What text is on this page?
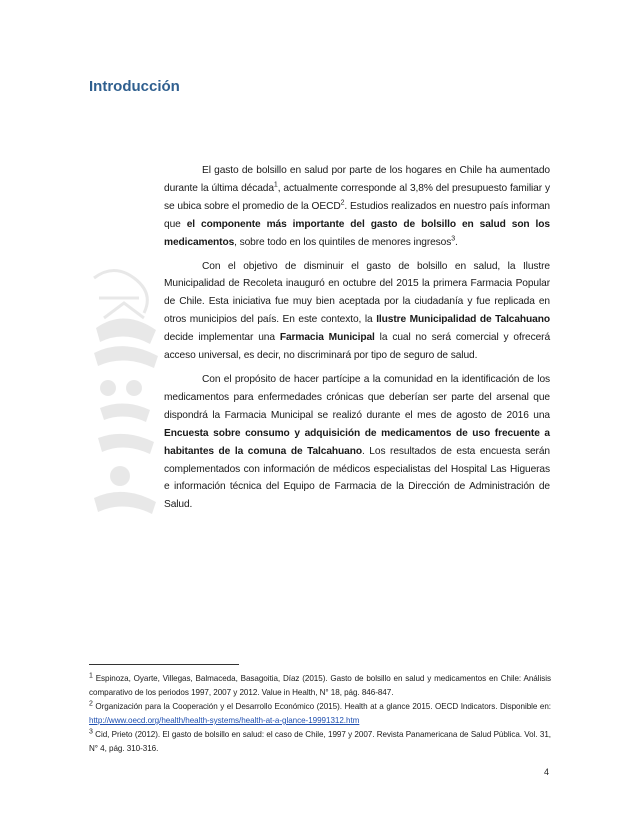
Introducción

El gasto de bolsillo en salud por parte de los hogares en Chile ha aumentado durante la última década$^1$, actualmente corresponde al 3,8% del presupuesto familiar y se ubica sobre el promedio de la OECD$^2$. Estudios realizados en nuestro país informan que el componente más importante del gasto de bolsillo en salud son los medicamentos, sobre todo en los quintiles de menores ingresos$^3$.

Con el objetivo de disminuir el gasto de bolsillo en salud, la Ilustre Municipalidad de Recoleta inauguró en octubre del 2015 la primera Farmacia Popular de Chile. Esta iniciativa fue muy bien aceptada por la ciudadanía y fue replicada en otros municipios del país. En este contexto, la Ilustre Municipalidad de Talcahuano decide implementar una Farmacia Municipal la cual no será comercial y ofrecerá acceso universal, es decir, no discriminará por tipo de seguro de salud.

Con el propósito de hacer partícipe a la comunidad en la identificación de los medicamentos para enfermedades crónicas que deberían ser parte del arsenal que dispondrá la Farmacia Municipal se realizó durante el mes de agosto de 2016 una Encuesta sobre consumo y adquisición de medicamentos de uso frecuente a habitantes de la comuna de Talcahuano. Los resultados de esta encuesta serán complementados con información de médicos especialistas del Hospital Las Higueras e información técnica del Equipo de Farmacia de la Dirección de Administración de Salud.

$^1$ Espinoza, Oyarte, Villegas, Balmaceda, Basagoitia, Díaz (2015). Gasto de bolsillo en salud y medicamentos en Chile: Análisis comparativo de los periodos 1997, 2007 y 2012. Value in Health, N° 18, pág. 846-847.
$^2$ Organización para la Cooperación y el Desarrollo Económico (2015). Health at a glance 2015. OECD Indicators. Disponible en: http://www.oecd.org/health/health-systems/health-at-a-glance-19991312.htm
$^3$ Cid, Prieto (2012). El gasto de bolsillo en salud: el caso de Chile, 1997 y 2007. Revista Panamericana de Salud Pública. Vol. 31, N° 4, pág. 310-316.
4
